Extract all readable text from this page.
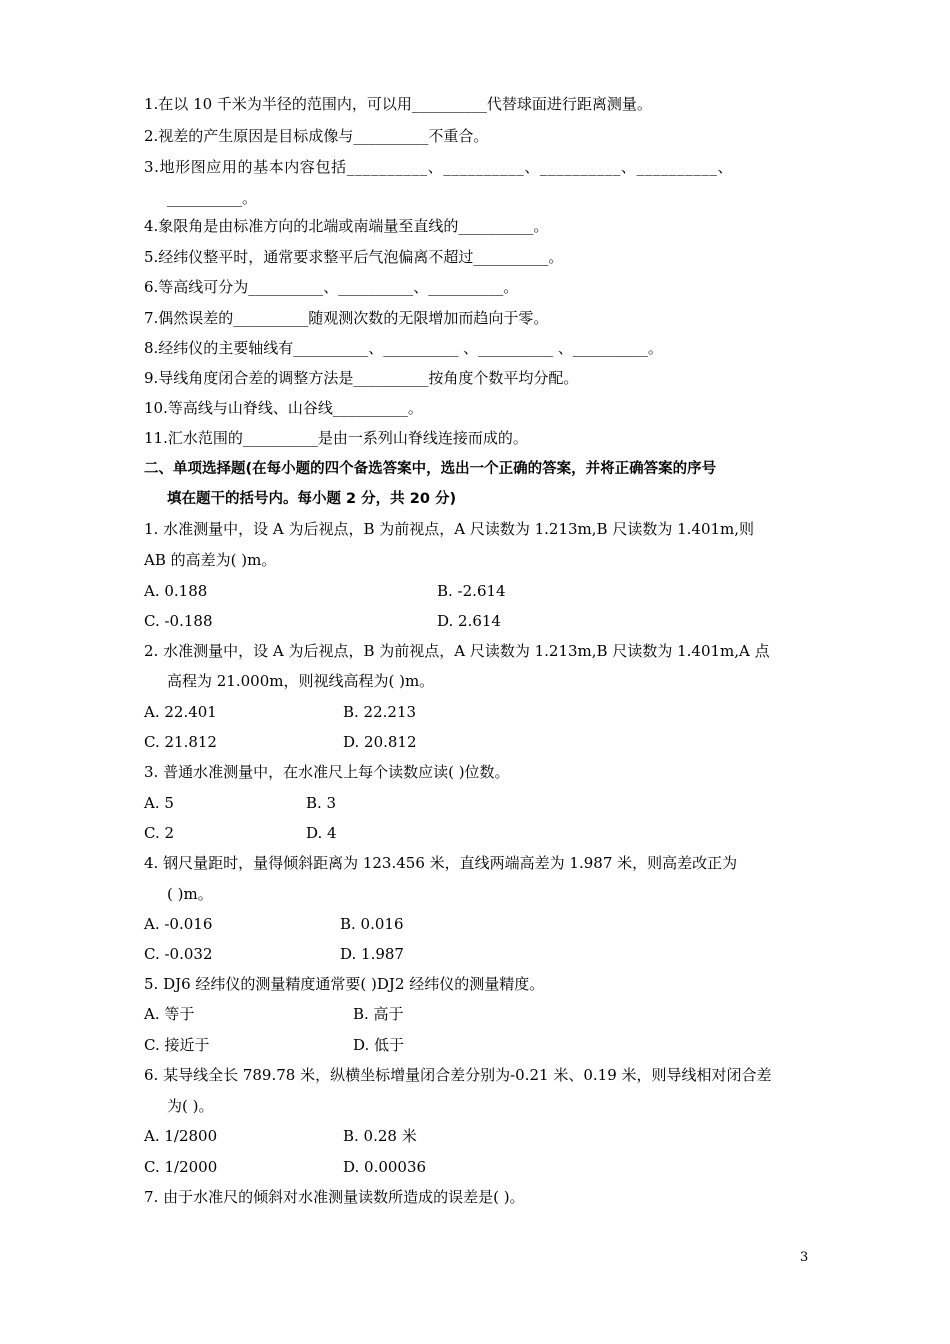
1.在以 10 千米为半径的范围内，可以用__________代替球面进行距离测量。
2.视差的产生原因是目标成像与__________不重合。
3.地形图应用的基本内容包括__________、__________、__________、__________、
__________。
4.象限角是由标准方向的北端或南端量至直线的__________。
5.经纬仪整平时，通常要求整平后气泡偏离不超过__________。
6.等高线可分为__________、__________、__________。
7.偶然误差的__________随观测次数的无限增加而趋向于零。
8.经纬仪的主要轴线有__________、__________ 、__________ 、__________。
9.导线角度闭合差的调整方法是__________按角度个数平均分配。
10.等高线与山脊线、山谷线__________。
11.汇水范围的__________是由一系列山脊线连接而成的。
二、单项选择题(在每小题的四个备选答案中，选出一个正确的答案，并将正确答案的序号
填在题干的括号内。每小题 2 分，共 20 分)
1. 水准测量中，设 A 为后视点，B 为前视点，A 尺读数为 1.213m,B 尺读数为 1.401m,则
AB 的高差为( )m。
A. 0.188	B. -2.614
C. -0.188	D. 2.614
2. 水准测量中，设 A 为后视点，B 为前视点，A 尺读数为 1.213m,B 尺读数为 1.401m,A 点
高程为 21.000m，则视线高程为( )m。
A. 22.401	B. 22.213
C. 21.812	D. 20.812
3. 普通水准测量中，在水准尺上每个读数应读( )位数。
A. 5	B. 3
C. 2	D. 4
4. 钢尺量距时，量得倾斜距离为 123.456 米，直线两端高差为 1.987 米，则高差改正为
( )m。
A. -0.016	B. 0.016
C. -0.032	D. 1.987
5. DJ6 经纬仪的测量精度通常要( )DJ2 经纬仪的测量精度。
A. 等于	B. 高于
C. 接近于	D. 低于
6. 某导线全长 789.78 米，纵横坐标增量闭合差分别为-0.21 米、0.19 米，则导线相对闭合差
为( )。
A. 1/2800	B. 0.28 米
C. 1/2000	D. 0.00036
7. 由于水准尺的倾斜对水准测量读数所造成的误差是( )。
3
